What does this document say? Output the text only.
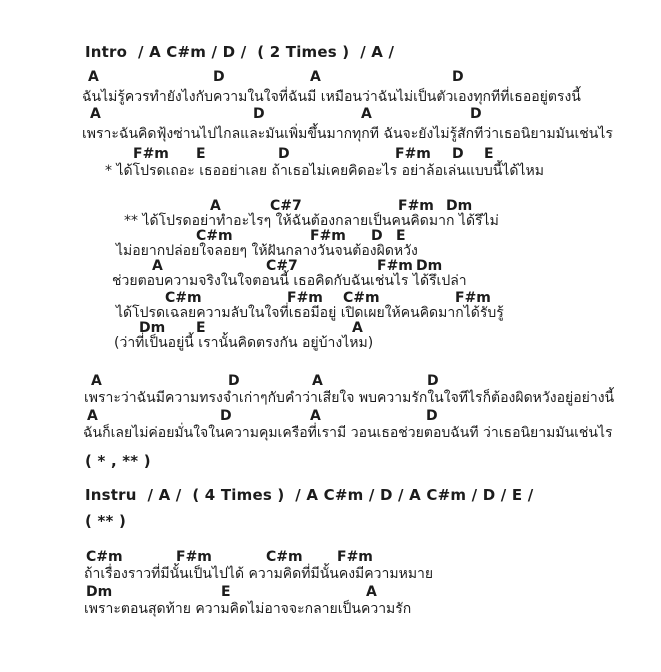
Intro  / A C#m / D /  ( 2 Times )  / A /
A	D	A	D
ฉันไม่รู้ควรทำยังไงกับความในใจที่ฉันมี เหมือนว่าฉันไม่เป็นตัวเองทุกทีที่เธออยู่ตรงนี้
A	D	A	D
เพราะฉันคิดฟุ้งซ่านไปไกลและมันเพิ่มขึ้นมากทุกที ฉันจะยังไม่รู้สักทีว่าเธอนิยามมันเช่นไร
F#m E	D	F#m D E
* ได้โปรดเถอะ เธออย่าเลย ถ้าเธอไม่เคยคิดอะไร อย่าล้อเล่นแบบนี้ได้ไหม
A	C#7	F#m Dm
** ได้โปรดอย่าทำอะไรๆ ให้ฉันต้องกลายเป็นคนคิดมาก ได้รึไม่
C#m	F#m D E
ไม่อยากปล่อยใจลอยๆ ให้ฝันกลางวันจนต้องผิดหวัง
A	C#7	F#m Dm
ช่วยตอบความจริงในใจตอนนี้ เธอคิดกับฉันเช่นไร ได้รึเปล่า
C#m	F#m C#m	F#m
ได้โปรดเฉลยความลับในใจที่เธอมีอยู่ เปิดเผยให้คนคิดมากได้รับรู้
Dm E	A
(ว่าที่เป็นอยู่นี้ เรานั้นคิดตรงกัน อยู่บ้างไหม)
A	D	A	D
เพราะว่าฉันมีความทรงจำเก่าๆกับคำว่าเสียใจ พบความรักในใจทีไรก็ต้องผิดหวังอยู่อย่างนี้
A	D	A	D
ฉันก็เลยไม่ค่อยมั่นใจในความคุมเครือที่เรามี วอนเธอช่วยตอบฉันที ว่าเธอนิยามมันเช่นไร
( * , ** )
Instru  / A /  ( 4 Times )  / A C#m / D / A C#m / D / E /
( ** )
C#m	F#m	C#m F#m
ถ้าเรื่องราวที่มีนั้นเป็นไปได้ ความคิดที่มีนั้นคงมีความหมาย
Dm	E	A
เพราะตอนสุดท้าย ความคิดไม่อาจจะกลายเป็นความรัก
